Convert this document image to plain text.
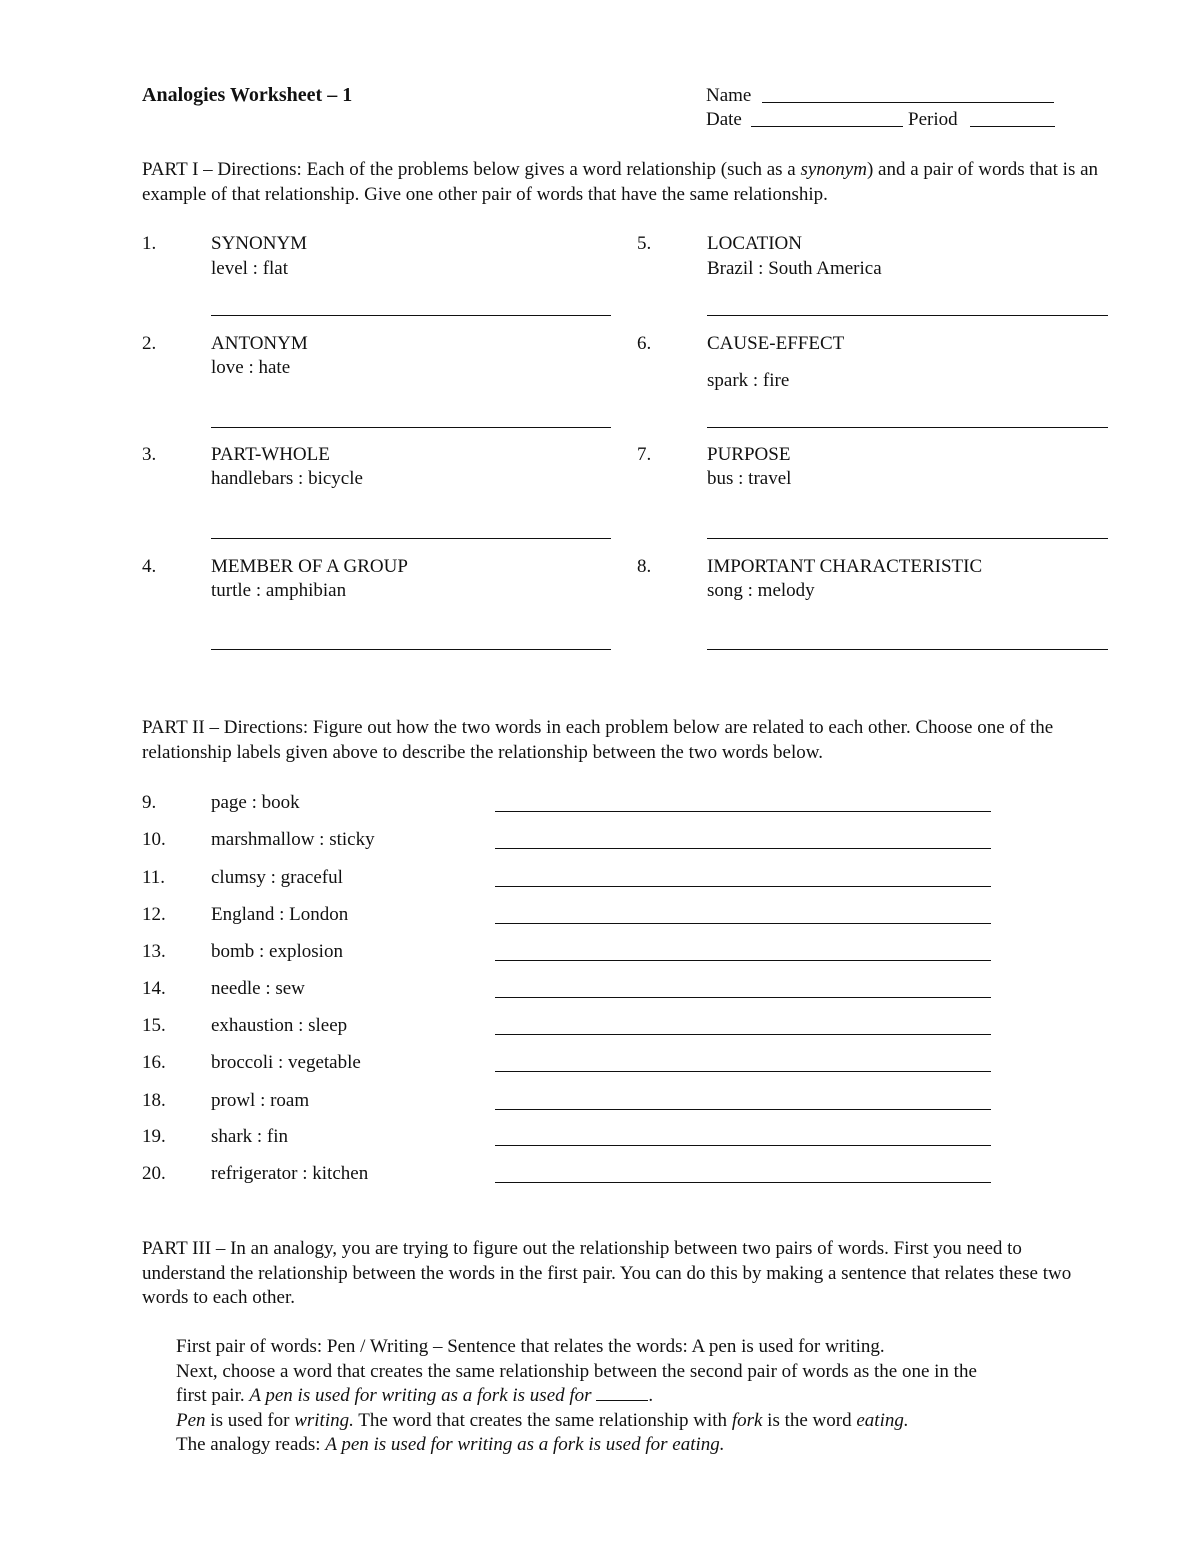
Analogies Worksheet – 1	Name
Date	Period

PART I – Directions: Each of the problems below gives a word relationship (such as a synonym) and a pair of words that is an example of that relationship. Give one other pair of words that have the same relationship.

1.	SYNONYM
level : flat
2.	ANTONYM
love : hate
3.	PART-WHOLE
handlebars : bicycle
4.	MEMBER OF A GROUP
turtle : amphibian
5.	LOCATION
Brazil : South America
6.	CAUSE-EFFECT
spark : fire
7.	PURPOSE
bus : travel
8.	IMPORTANT CHARACTERISTIC
song : melody

PART II – Directions: Figure out how the two words in each problem below are related to each other. Choose one of the relationship labels given above to describe the relationship between the two words below.

9.	page : book
10. marshmallow : sticky
11. clumsy : graceful
12. England : London
13. bomb : explosion
14. needle : sew
15. exhaustion : sleep
16. broccoli : vegetable
18. prowl : roam
19. shark : fin
20. refrigerator : kitchen

PART III – In an analogy, you are trying to figure out the relationship between two pairs of words. First you need to understand the relationship between the words in the first pair. You can do this by making a sentence that relates these two words to each other.

First pair of words: Pen / Writing – Sentence that relates the words: A pen is used for writing.

Next, choose a word that creates the same relationship between the second pair of words as the one in the

first pair. A pen is used for writing as a fork is used for	.

Pen is used for writing. The word that creates the same relationship with fork is the word eating.

The analogy reads: A pen is used for writing as a fork is used for eating.
